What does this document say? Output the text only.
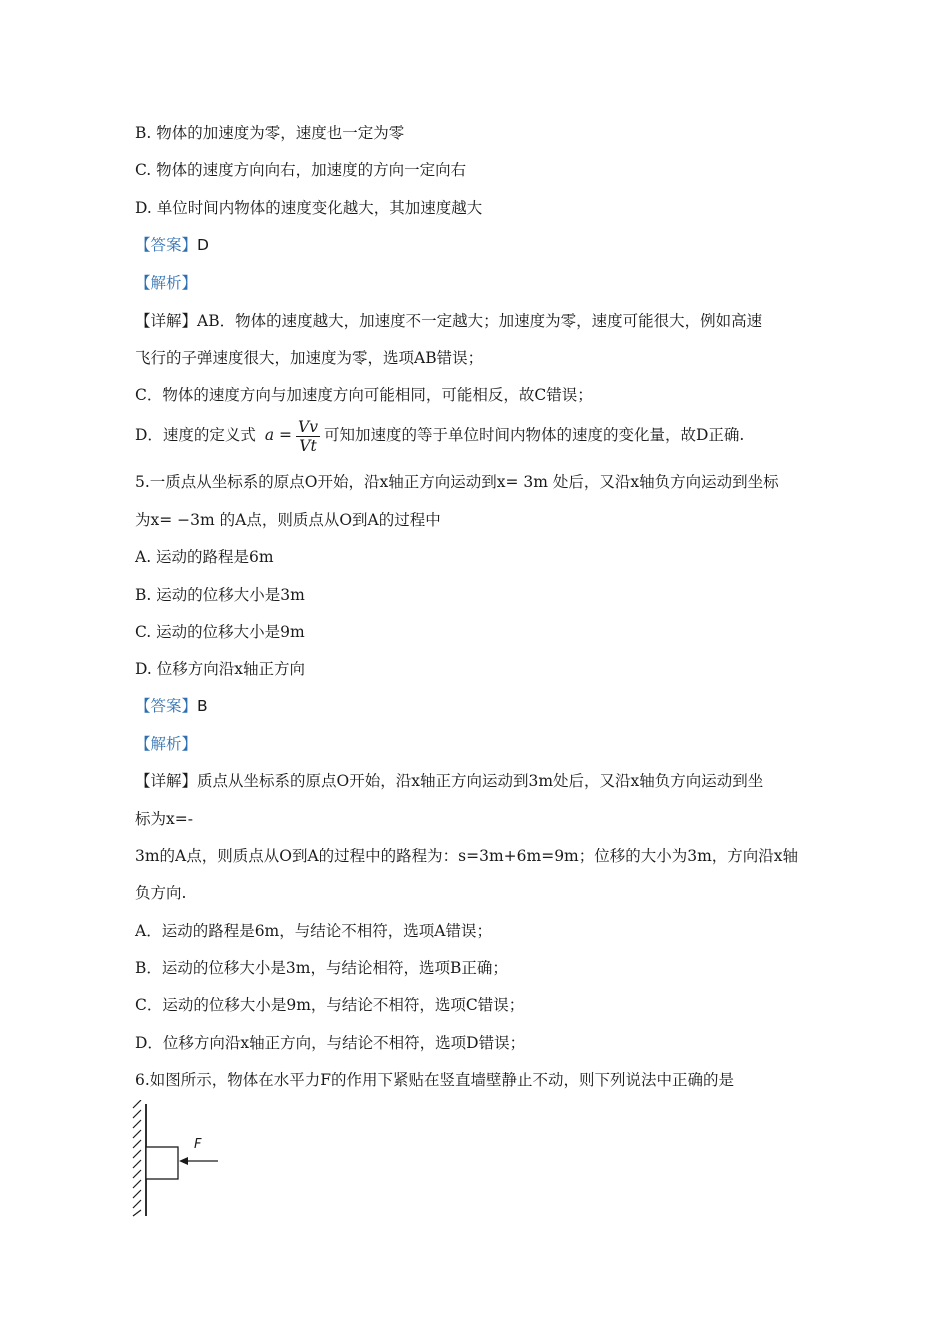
B. 物体的加速度为零，速度也一定为零
C. 物体的速度方向向右，加速度的方向一定向右
D. 单位时间内物体的速度变化越大，其加速度越大
【答案】D
【解析】
【详解】AB．物体的速度越大，加速度不一定越大；加速度为零，速度可能很大，例如高速
飞行的子弹速度很大，加速度为零，选项AB错误；
C．物体的速度方向与加速度方向可能相同，可能相反，故C错误；
D．速度的定义式 $a = \frac{Vv}{Vt}$ 可知加速度的等于单位时间内物体的速度的变化量，故D正确.
5.一质点从坐标系的原点O开始，沿x轴正方向运动到x= 3m 处后，又沿x轴负方向运动到坐标
为x= −3m 的A点，则质点从O到A的过程中
A. 运动的路程是6m
B. 运动的位移大小是3m
C. 运动的位移大小是9m
D. 位移方向沿x轴正方向
【答案】B
【解析】
【详解】质点从坐标系的原点O开始，沿x轴正方向运动到3m处后，又沿x轴负方向运动到坐
标为x=-
3m的A点，则质点从O到A的过程中的路程为：s=3m+6m=9m；位移的大小为3m，方向沿x轴
负方向.
A．运动的路程是6m，与结论不相符，选项A错误；
B．运动的位移大小是3m，与结论相符，选项B正确；
C．运动的位移大小是9m，与结论不相符，选项C错误；
D．位移方向沿x轴正方向，与结论不相符，选项D错误；
6.如图所示，物体在水平力F的作用下紧贴在竖直墙壁静止不动，则下列说法中正确的是
F
